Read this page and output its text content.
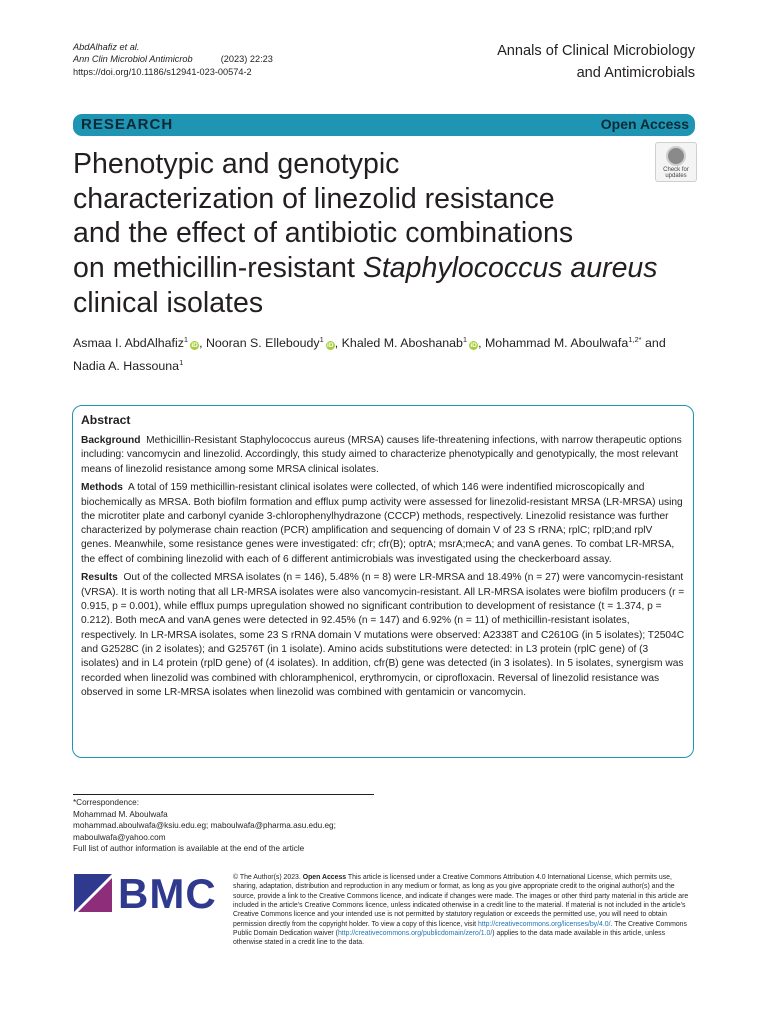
AbdAlhafiz et al.
Ann Clin Microbiol Antimicrob	(2023) 22:23
https://doi.org/10.1186/s12941-023-00574-2
Annals of Clinical Microbiology
and Antimicrobials
RESEARCH	Open Access
Check for
updates
Phenotypic and genotypic
characterization of linezolid resistance
and the effect of antibiotic combinations
on methicillin-resistant Staphylococcus aureus
clinical isolates
Asmaa I. AbdAlhafiz$^1$iD, Nooran S. Elleboudy$^1$iD, Khaled M. Aboshanab$^1$iD, Mohammad M. Aboulwafa$^{1,2*}$ and
Nadia A. Hassouna$^1$
Abstract

Background Methicillin-Resistant Staphylococcus aureus (MRSA) causes life-threatening infections, with narrow therapeutic options including: vancomycin and linezolid. Accordingly, this study aimed to characterize phenotypically and genotypically, the most relevant means of linezolid resistance among some MRSA clinical isolates.

Methods A total of 159 methicillin-resistant clinical isolates were collected, of which 146 were indentified microscopically and biochemically as MRSA. Both biofilm formation and efflux pump activity were assessed for linezolid-resistant MRSA (LR-MRSA) using the microtiter plate and carbonyl cyanide 3-chlorophenylhydrazone (CCCP) methods, respectively. Linezolid resistance was further characterized by polymerase chain reaction (PCR) amplification and sequencing of domain V of 23 S rRNA; rplC; rplD;and rplV genes. Meanwhile, some resistance genes were investigated: cfr; cfr(B); optrA; msrA;mecA; and vanA genes. To combat LR-MRSA, the effect of combining linezolid with each of 6 different antimicrobials was investigated using the checkerboard assay.

Results Out of the collected MRSA isolates (n = 146), 5.48% (n = 8) were LR-MRSA and 18.49% (n = 27) were vancomycin-resistant (VRSA). It is worth noting that all LR-MRSA isolates were also vancomycin-resistant. All LR-MRSA isolates were biofilm producers (r = 0.915, p = 0.001), while efflux pumps upregulation showed no significant contribution to development of resistance (t = 1.374, p = 0.212). Both mecA and vanA genes were detected in 92.45% (n = 147) and 6.92% (n = 11) of methicillin-resistant isolates, respectively. In LR-MRSA isolates, some 23 S rRNA domain V mutations were observed: A2338T and C2610G (in 5 isolates); T2504C and G2528C (in 2 isolates); and G2576T (in 1 isolate). Amino acids substitutions were detected: in L3 protein (rplC gene) of (3 isolates) and in L4 protein (rplD gene) of (4 isolates). In addition, cfr(B) gene was detected (in 3 isolates). In 5 isolates, synergism was recorded when linezolid was combined with chloramphenicol, erythromycin, or ciprofloxacin. Reversal of linezolid resistance was observed in some LR-MRSA isolates when linezolid was combined with gentamicin or vancomycin.

*Correspondence:
Mohammad M. Aboulwafa
mohammad.aboulwafa@ksiu.edu.eg; maboulwafa@pharma.asu.edu.eg;
maboulwafa@yahoo.com
Full list of author information is available at the end of the article
BMC © The Author(s) 2023. Open Access This article is licensed under a Creative Commons Attribution 4.0 International License, which permits use, sharing, adaptation, distribution and reproduction in any medium or format, as long as you give appropriate credit to the original author(s) and the source, provide a link to the Creative Commons licence, and indicate if changes were made. The images or other third party material in this article are included in the article’s Creative Commons licence, unless indicated otherwise in a credit line to the material. If material is not included in the article’s Creative Commons licence and your intended use is not permitted by statutory regulation or exceeds the permitted use, you will need to obtain permission directly from the copyright holder. To view a copy of this licence, visit http://creativecommons.org/licenses/by/4.0/. The Creative Commons Public Domain Dedication waiver (http://creativecommons.org/publicdomain/zero/1.0/) applies to the data made available in this article, unless otherwise stated in a credit line to the data.
